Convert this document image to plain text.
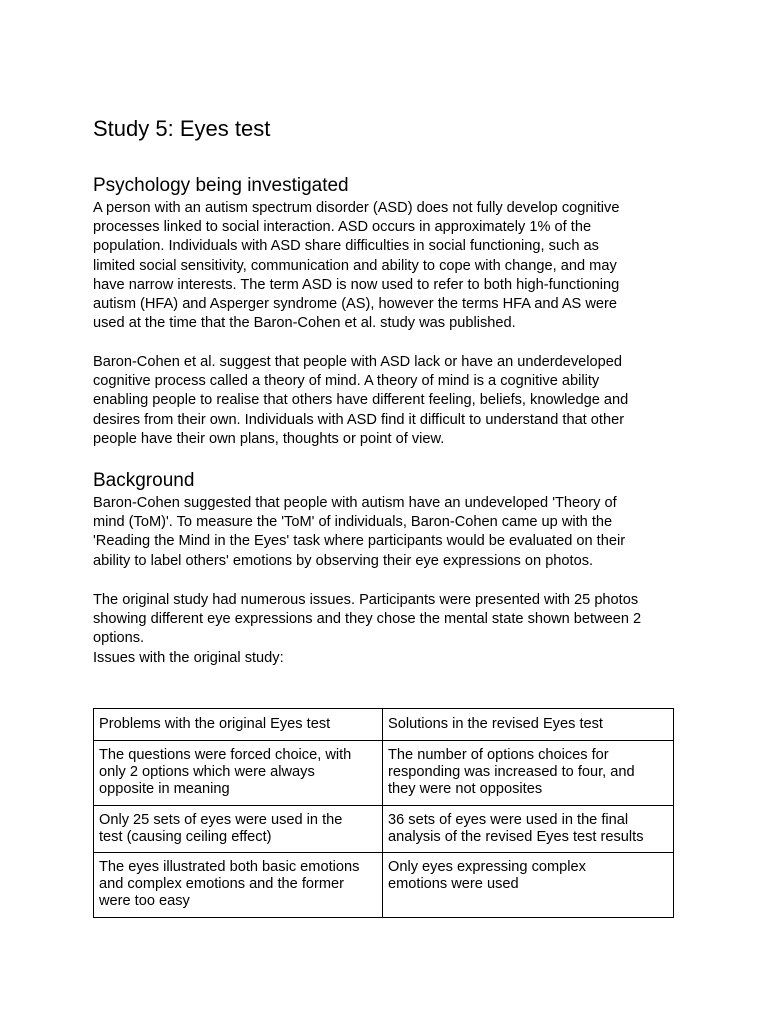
Study 5: Eyes test
Psychology being investigated

A person with an autism spectrum disorder (ASD) does not fully develop cognitive
processes linked to social interaction. ASD occurs in approximately 1% of the
population. Individuals with ASD share difficulties in social functioning, such as
limited social sensitivity, communication and ability to cope with change, and may
have narrow interests. The term ASD is now used to refer to both high-functioning
autism (HFA) and Asperger syndrome (AS), however the terms HFA and AS were
used at the time that the Baron-Cohen et al. study was published.

Baron-Cohen et al. suggest that people with ASD lack or have an underdeveloped
cognitive process called a theory of mind. A theory of mind is a cognitive ability
enabling people to realise that others have different feeling, beliefs, knowledge and
desires from their own. Individuals with ASD find it difficult to understand that other
people have their own plans, thoughts or point of view.

Background

Baron-Cohen suggested that people with autism have an undeveloped 'Theory of
mind (ToM)'. To measure the 'ToM' of individuals, Baron-Cohen came up with the
'Reading the Mind in the Eyes' task where participants would be evaluated on their
ability to label others' emotions by observing their eye expressions on photos.

The original study had numerous issues. Participants were presented with 25 photos
showing different eye expressions and they chose the mental state shown between 2
options.
Issues with the original study:

Problems with the original Eyes test	Solutions in the revised Eyes test

The questions were forced choice, with
only 2 options which were always
opposite in meaning	The number of options choices for
responding was increased to four, and
they were not opposites

Only 25 sets of eyes were used in the
test (causing ceiling effect)	36 sets of eyes were used in the final
analysis of the revised Eyes test results

The eyes illustrated both basic emotions
and complex emotions and the former
were too easy	Only eyes expressing complex
emotions were used
